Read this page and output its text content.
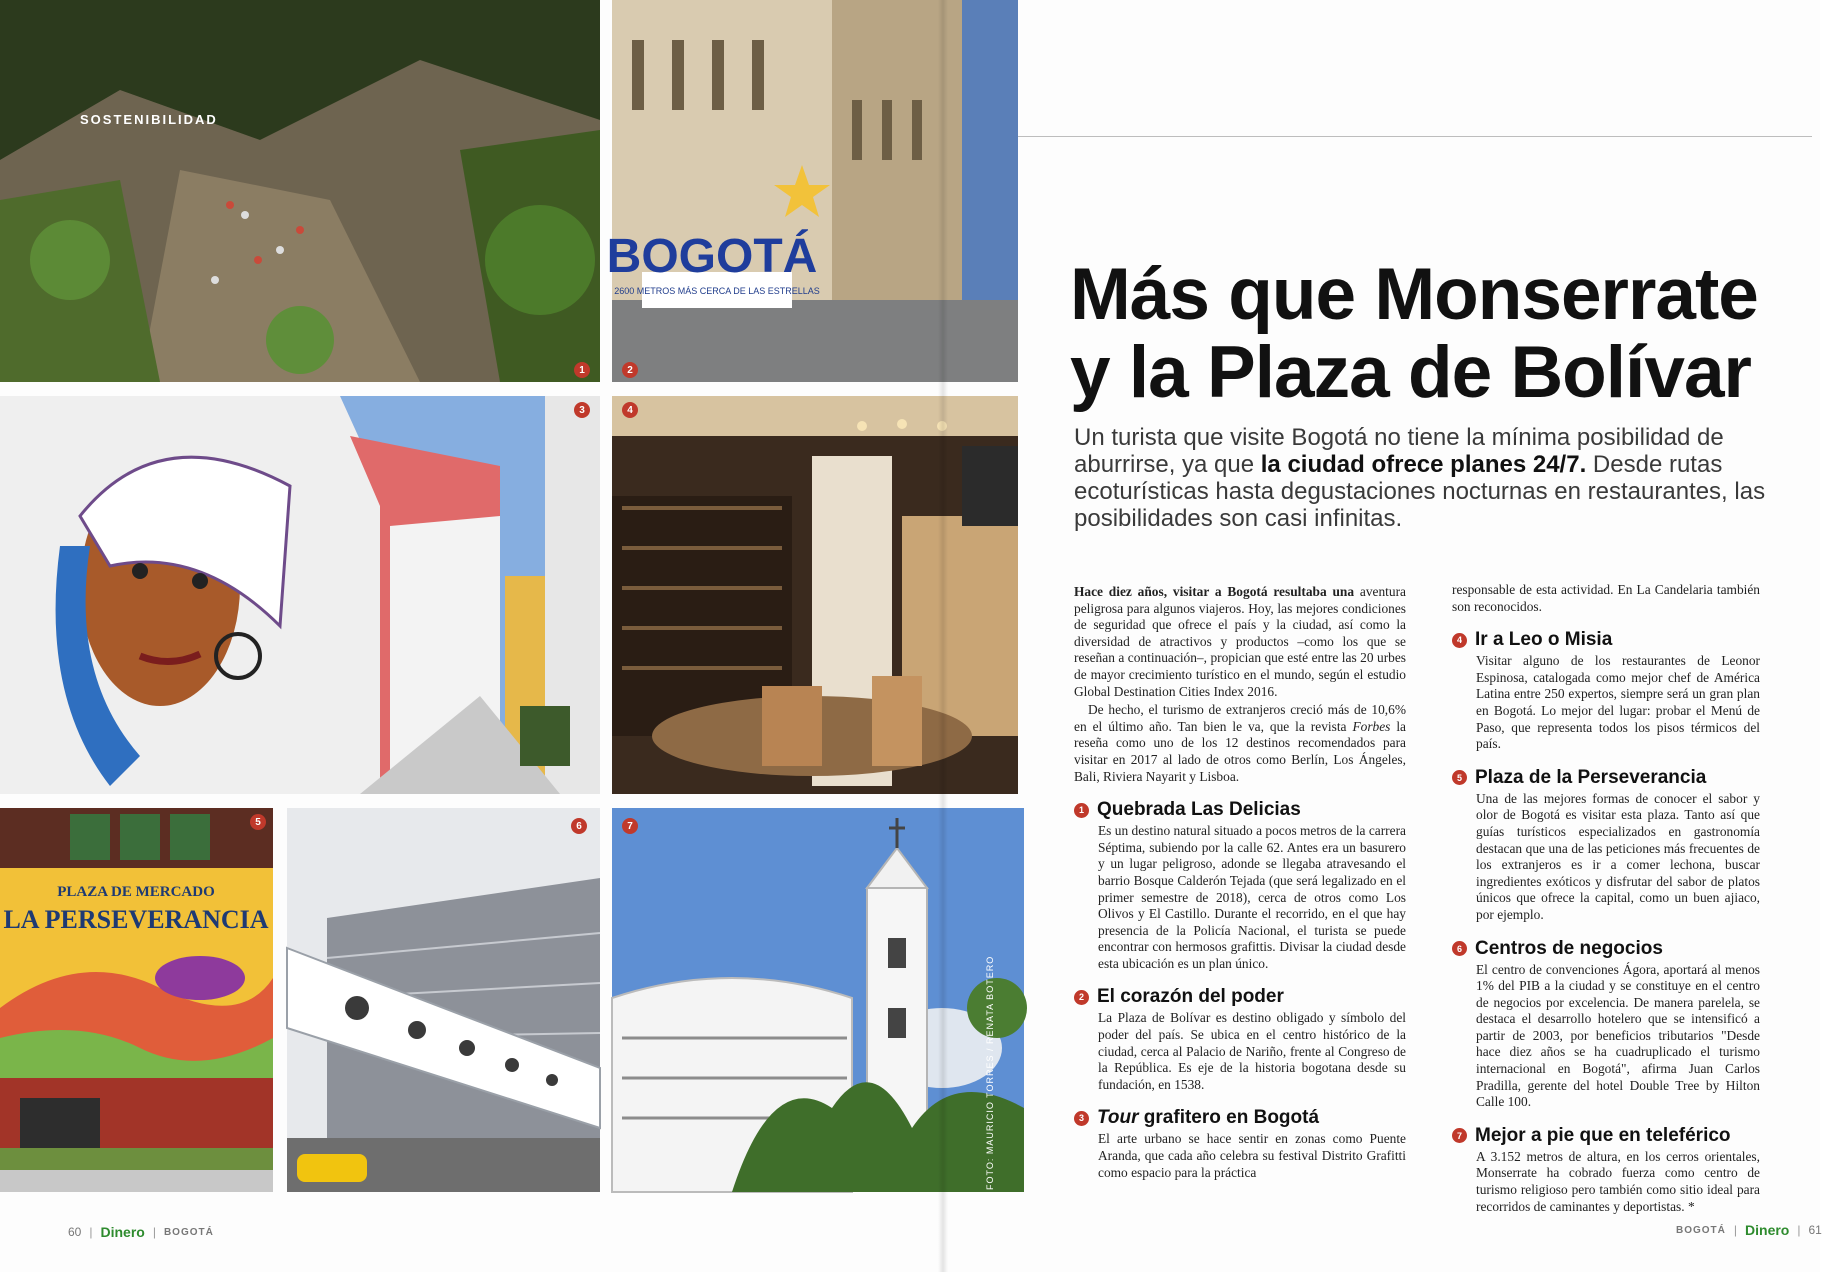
1
SOSTENIBILIDAD
2600 METROS MÁS CERCA DE LAS ESTRELLAS
BOGOTÁ
2
3	4
PLAZA DE MERCADO
LA PERSEVERANCIA
5	6	7
FOTO: MAURICIO TORRES / RENATA BOTERO
60 | Dinero | BOGOTÁ
Más que Monserrate
y la Plaza de Bolívar
Un turista que visite Bogotá no tiene la mínima posibilidad de aburrirse, ya que la ciudad ofrece planes 24/7. Desde rutas ecoturísticas hasta degustaciones nocturnas en restaurantes, las posibilidades son casi infinitas.

Hace diez años, visitar a Bogotá resultaba una aventura peligrosa para algunos viajeros. Hoy, las mejores condiciones de seguridad que ofrece el país y la ciudad, así como la diversidad de atractivos y productos –como los que se reseñan a continuación–, propician que esté entre las 20 urbes de mayor crecimiento turístico en el mundo, según el estudio Global Destination Cities Index 2016.

De hecho, el turismo de extranjeros creció más de 10,6% en el último año. Tan bien le va, que la revista Forbes la reseña como uno de los 12 destinos recomendados para visitar en 2017 al lado de otros como Berlín, Los Ángeles, Bali, Riviera Nayarit y Lisboa.

1 Quebrada Las Delicias
Es un destino natural situado a pocos metros de la carrera Séptima, subiendo por la calle 62. Antes era un basurero y un lugar peligroso, adonde se llegaba atravesando el barrio Bosque Calderón Tejada (que será legalizado en el primer semestre de 2018), cerca de otros como Los Olivos y El Castillo. Durante el recorrido, en el que hay presencia de la Policía Nacional, el turista se puede encontrar con hermosos grafittis. Divisar la ciudad desde esta ubicación es un plan único.
2 El corazón del poder
La Plaza de Bolívar es destino obligado y símbolo del poder del país. Se ubica en el centro histórico de la ciudad, cerca al Palacio de Nariño, frente al Congreso de la República. Es eje de la historia bogotana desde su fundación, en 1538.
3 Tour grafitero en Bogotá
El arte urbano se hace sentir en zonas como Puente Aranda, que cada año celebra su festival Distrito Grafitti como espacio para la práctica

responsable de esta actividad. En La Candelaria también son reconocidos.

4 Ir a Leo o Misia
Visitar alguno de los restaurantes de Leonor Espinosa, catalogada como mejor chef de América Latina entre 250 expertos, siempre será un gran plan en Bogotá. Lo mejor del lugar: probar el Menú de Paso, que representa todos los pisos térmicos del país.
5 Plaza de la Perseverancia
Una de las mejores formas de conocer el sabor y olor de Bogotá es visitar esta plaza. Tanto así que guías turísticos especializados en gastronomía destacan que una de las peticiones más frecuentes de los extranjeros es ir a comer lechona, buscar ingredientes exóticos y disfrutar del sabor de platos únicos que ofrece la capital, como un buen ajiaco, por ejemplo.
6 Centros de negocios
El centro de convenciones Ágora, aportará al menos 1% del PIB a la ciudad y se constituye en el centro de negocios por excelencia. De manera parelela, se destaca el desarrollo hotelero que se intensificó a partir de 2003, por beneficios tributarios "Desde hace diez años se ha cuadruplicado el turismo internacional en Bogotá", afirma Juan Carlos Pradilla, gerente del hotel Double Tree by Hilton Calle 100.
7 Mejor a pie que en teleférico
A 3.152 metros de altura, en los cerros orientales, Monserrate ha cobrado fuerza como centro de turismo religioso pero también como sitio ideal para recorridos de caminantes y deportistas. *
BOGOTÁ | Dinero | 61
